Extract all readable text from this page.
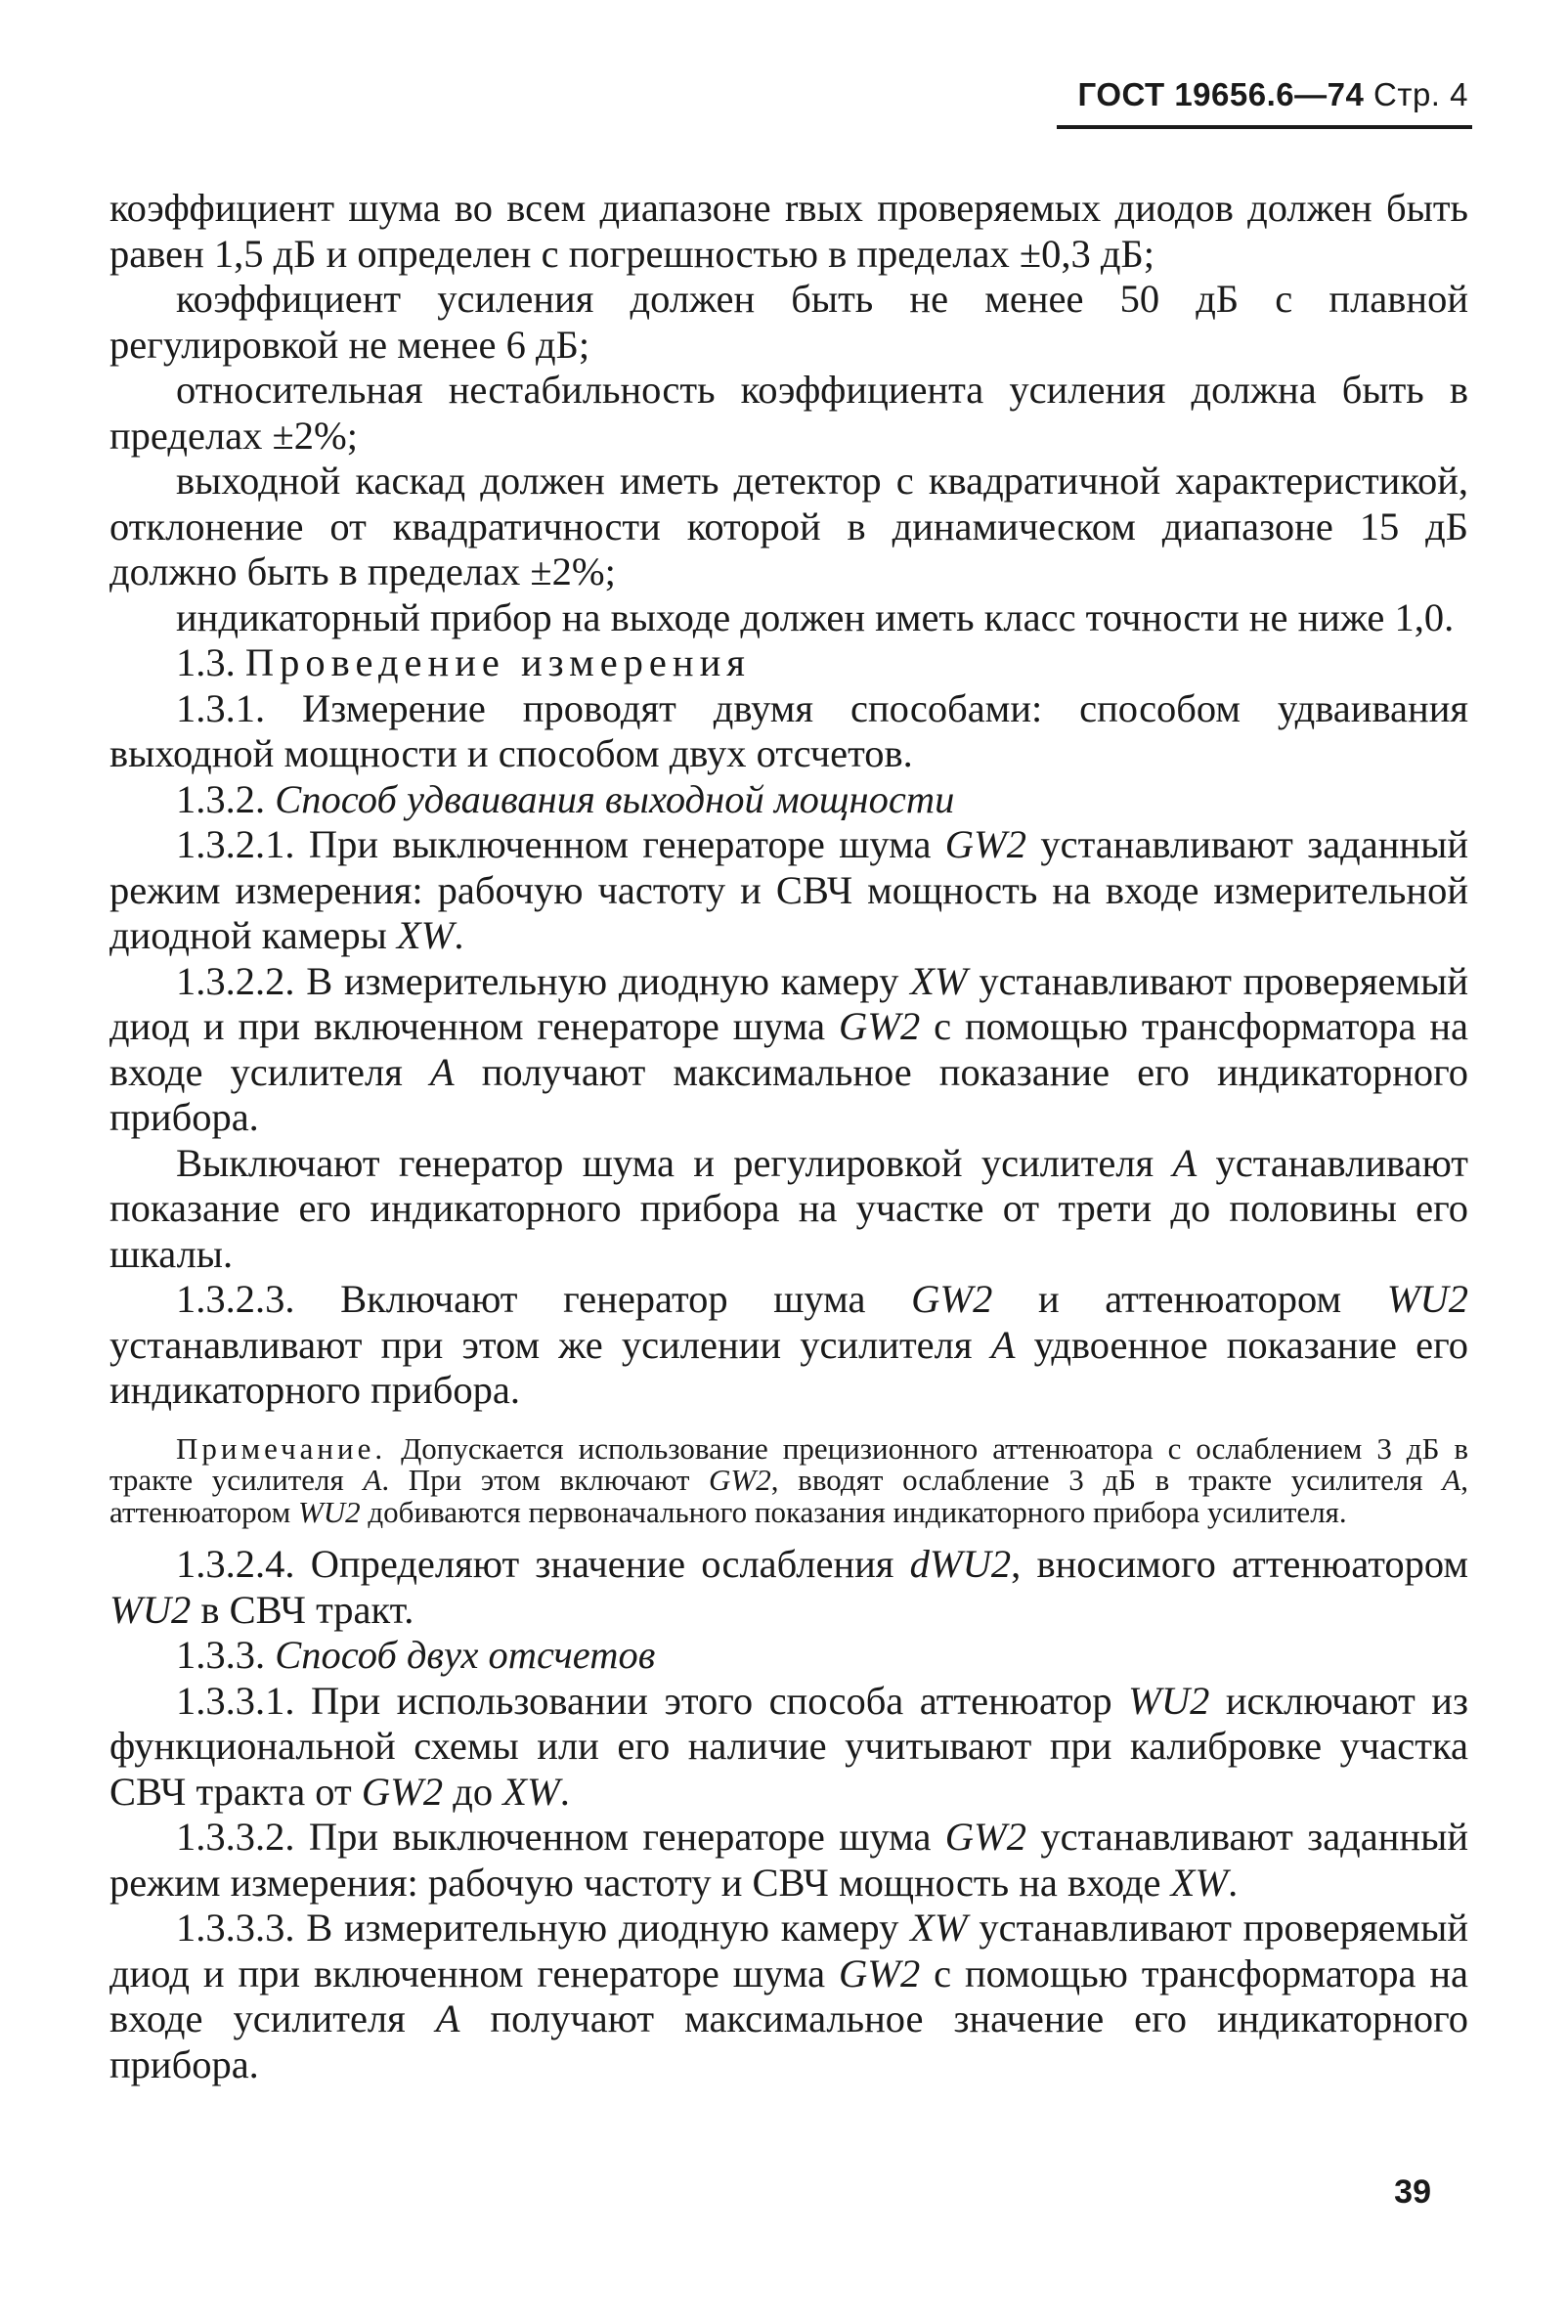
ГОСТ 19656.6—74 Стр. 4

коэффициент шума во всем диапазоне rвых проверяемых диодов должен быть равен 1,5 дБ и определен с погрешностью в пределах ±0,3 дБ;

коэффициент усиления должен быть не менее 50 дБ с плавной регулировкой не менее 6 дБ;

относительная нестабильность коэффициента усиления должна быть в пределах ±2%;

выходной каскад должен иметь детектор с квадратичной характеристикой, отклонение от квадратичности которой в динамическом диапазоне 15 дБ должно быть в пределах ±2%;

индикаторный прибор на выходе должен иметь класс точности не ниже 1,0.

1.3. Проведение измерения

1.3.1. Измерение проводят двумя способами: способом удваивания выходной мощности и способом двух отсчетов.

1.3.2. Способ удваивания выходной мощности

1.3.2.1. При выключенном генераторе шума GW2 устанавливают заданный режим измерения: рабочую частоту и СВЧ мощность на входе измерительной диодной камеры XW.

1.3.2.2. В измерительную диодную камеру XW устанавливают проверяемый диод и при включенном генераторе шума GW2 с помощью трансформатора на входе усилителя A получают максимальное показание его индикаторного прибора.

Выключают генератор шума и регулировкой усилителя A устанавливают показание его индикаторного прибора на участке от трети до половины его шкалы.

1.3.2.3. Включают генератор шума GW2 и аттенюатором WU2 устанавливают при этом же усилении усилителя A удвоенное показание его индикаторного прибора.

Примечание. Допускается использование прецизионного аттенюатора с ослаблением 3 дБ в тракте усилителя A. При этом включают GW2, вводят ослабление 3 дБ в тракте усилителя A, аттенюатором WU2 добиваются первоначального показания индикаторного прибора усилителя.

1.3.2.4. Определяют значение ослабления dWU2, вносимого аттенюатором WU2 в СВЧ тракт.

1.3.3. Способ двух отсчетов

1.3.3.1. При использовании этого способа аттенюатор WU2 исключают из функциональной схемы или его наличие учитывают при калибровке участка СВЧ тракта от GW2 до XW.

1.3.3.2. При выключенном генераторе шума GW2 устанавливают заданный режим измерения: рабочую частоту и СВЧ мощность на входе XW.

1.3.3.3. В измерительную диодную камеру XW устанавливают проверяемый диод и при включенном генераторе шума GW2 с помощью трансформатора на входе усилителя A получают максимальное значение его индикаторного прибора.

39
